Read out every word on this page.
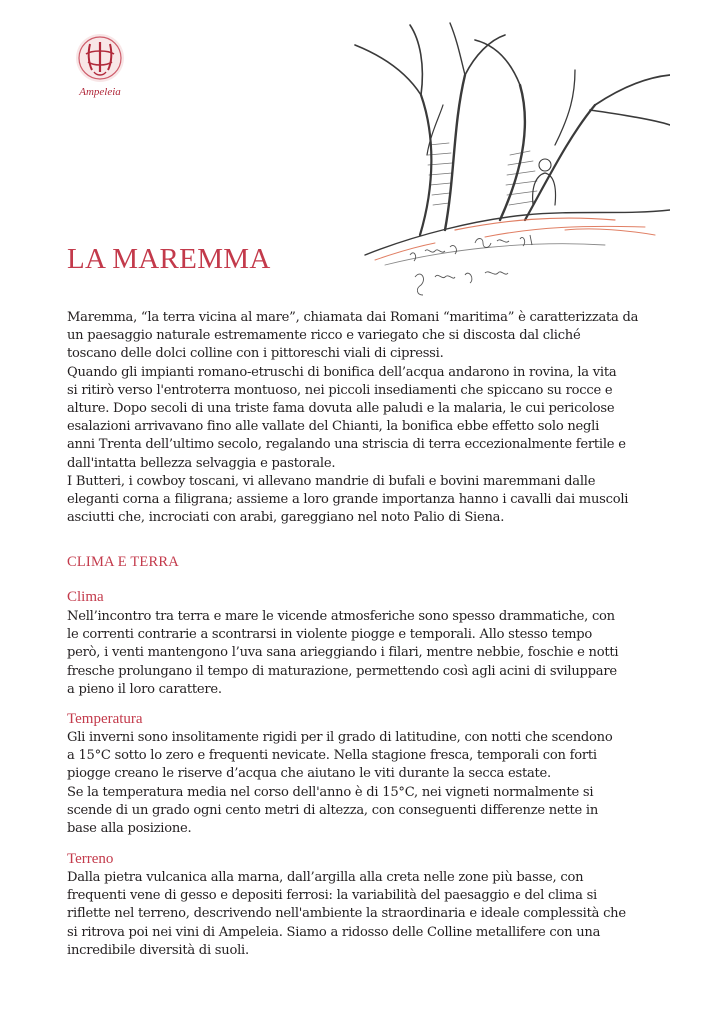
Ampeleia
LA MAREMMA

Maremma, “la terra vicina al mare”, chiamata dai Romani “maritima” è caratterizzata da

un paesaggio naturale estremamente ricco e variegato che si discosta dal cliché

toscano delle dolci colline con i pittoreschi viali di cipressi.

Quando gli impianti romano-etruschi di bonifica dell’acqua andarono in rovina, la vita

si ritirò verso l'entroterra montuoso, nei piccoli insediamenti che spiccano su rocce e

alture. Dopo secoli di una triste fama dovuta alle paludi e la malaria, le cui pericolose

esalazioni arrivavano fino alle vallate del Chianti, la bonifica ebbe effetto solo negli

anni Trenta dell’ultimo secolo, regalando una striscia di terra eccezionalmente fertile e

dall'intatta bellezza selvaggia e pastorale.

I Butteri, i cowboy toscani, vi allevano mandrie di bufali e bovini maremmani dalle

eleganti corna a filigrana; assieme a loro grande importanza hanno i cavalli dai muscoli

asciutti che, incrociati con arabi, gareggiano nel noto Palio di Siena.

CLIMA E TERRA
Clima

Nell’incontro tra terra e mare le vicende atmosferiche sono spesso drammatiche, con

le correnti contrarie a scontrarsi in violente piogge e temporali. Allo stesso tempo

però, i venti mantengono l’uva sana arieggiando i filari, mentre nebbie, foschie e notti

fresche prolungano il tempo di maturazione, permettendo così agli acini di sviluppare

a pieno il loro carattere.

Temperatura

Gli inverni sono insolitamente rigidi per il grado di latitudine, con notti che scendono

a 15°C sotto lo zero e frequenti nevicate. Nella stagione fresca, temporali con forti

piogge creano le riserve d’acqua che aiutano le viti durante la secca estate.

Se la temperatura media nel corso dell'anno è di 15°C, nei vigneti normalmente si

scende di un grado ogni cento metri di altezza, con conseguenti differenze nette in

base alla posizione.

Terreno

Dalla pietra vulcanica alla marna, dall’argilla alla creta nelle zone più basse, con

frequenti vene di gesso e depositi ferrosi: la variabilità del paesaggio e del clima si

riflette nel terreno, descrivendo nell'ambiente la straordinaria e ideale complessità che

si ritrova poi nei vini di Ampeleia. Siamo a ridosso delle Colline metallifere con una

incredibile diversità di suoli.
